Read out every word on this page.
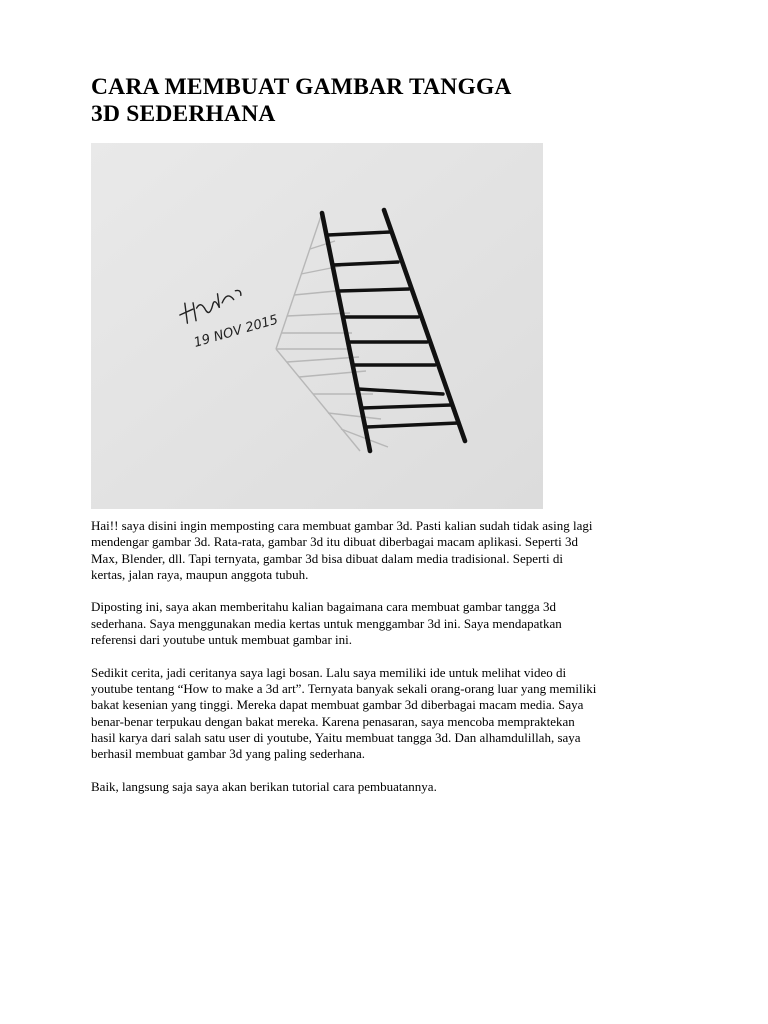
CARA MEMBUAT GAMBAR TANGGA
3D SEDERHANA
19 NOV 2015

Hai!! saya disini ingin memposting cara membuat gambar 3d. Pasti kalian sudah tidak asing lagi
mendengar gambar 3d. Rata-rata, gambar 3d itu dibuat diberbagai macam aplikasi. Seperti 3d
Max, Blender, dll. Tapi ternyata, gambar 3d bisa dibuat dalam media tradisional. Seperti di
kertas, jalan raya, maupun anggota tubuh.

Diposting ini, saya akan memberitahu kalian bagaimana cara membuat gambar tangga 3d
sederhana. Saya menggunakan media kertas untuk menggambar 3d ini. Saya mendapatkan
referensi dari youtube untuk membuat gambar ini.

Sedikit cerita, jadi ceritanya saya lagi bosan. Lalu saya memiliki ide untuk melihat video di
youtube tentang “How to make a 3d art”. Ternyata banyak sekali orang-orang luar yang memiliki
bakat kesenian yang tinggi. Mereka dapat membuat gambar 3d diberbagai macam media. Saya
benar-benar terpukau dengan bakat mereka. Karena penasaran, saya mencoba mempraktekan
hasil karya dari salah satu user di youtube, Yaitu membuat tangga 3d. Dan alhamdulillah, saya
berhasil membuat gambar 3d yang paling sederhana.

Baik, langsung saja saya akan berikan tutorial cara pembuatannya.
